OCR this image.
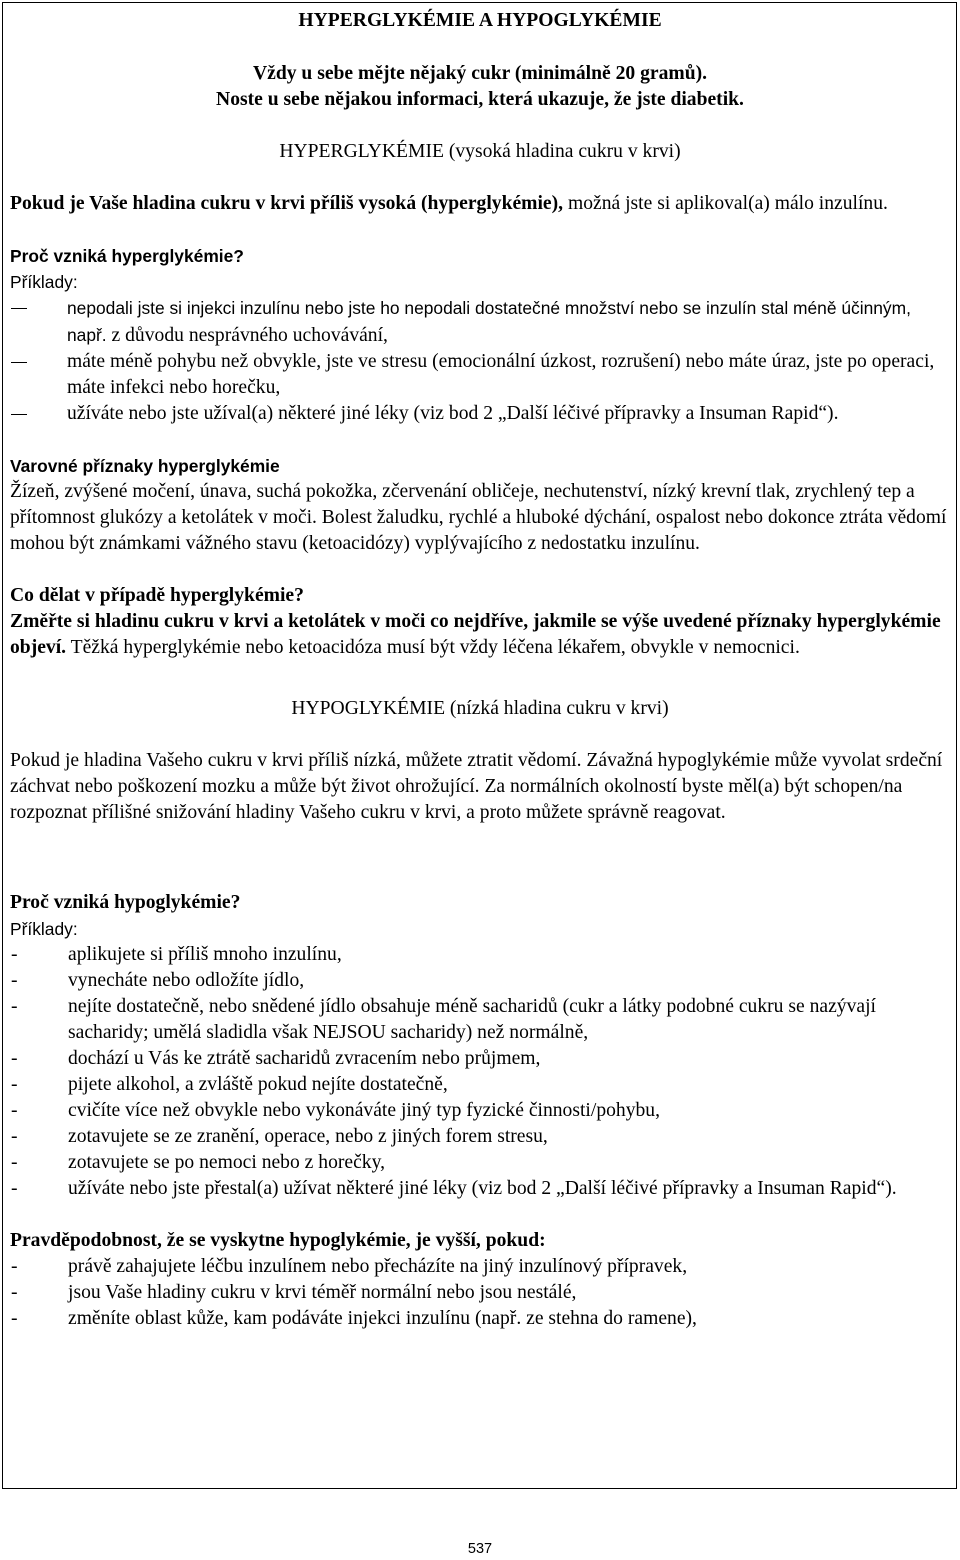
HYPERGLYKÉMIE A HYPOGLYKÉMIE

Vždy u sebe mějte nějaký cukr (minimálně 20 gramů).

Noste u sebe nějakou informaci, která ukazuje, že jste diabetik.

HYPERGLYKÉMIE (vysoká hladina cukru v krvi)

Pokud je Vaše hladina cukru v krvi příliš vysoká (hyperglykémie), možná jste si aplikoval(a) málo inzulínu.

Proč vzniká hyperglykémie?

Příklady:

nepodali jste si injekci inzulínu nebo jste ho nepodali dostatečné množství nebo se inzulín stal méně účinným, např. z důvodu nesprávného uchovávání,
máte méně pohybu než obvykle, jste ve stresu (emocionální úzkost, rozrušení) nebo máte úraz, jste po operaci, máte infekci nebo horečku,
užíváte nebo jste užíval(a) některé jiné léky (viz bod 2 „Další léčivé přípravky a Insuman Rapid“).

Varovné příznaky hyperglykémie

Žízeň, zvýšené močení, únava, suchá pokožka, zčervenání obličeje, nechutenství, nízký krevní tlak, zrychlený tep a přítomnost glukózy a ketolátek v moči. Bolest žaludku, rychlé a hluboké dýchání, ospalost nebo dokonce ztráta vědomí mohou být známkami vážného stavu (ketoacidózy) vyplývajícího z nedostatku inzulínu.

Co dělat v případě hyperglykémie?

Změřte si hladinu cukru v krvi a ketolátek v moči co nejdříve, jakmile se výše uvedené příznaky hyperglykémie objeví. Těžká hyperglykémie nebo ketoacidóza musí být vždy léčena lékařem, obvykle v nemocnici.

HYPOGLYKÉMIE (nízká hladina cukru v krvi)

Pokud je hladina Vašeho cukru v krvi příliš nízká, můžete ztratit vědomí. Závažná hypoglykémie může vyvolat srdeční záchvat nebo poškození mozku a může být život ohrožující. Za normálních okolností byste měl(a) být schopen/na rozpoznat přílišné snižování hladiny Vašeho cukru v krvi, a proto můžete správně reagovat.

Proč vzniká hypoglykémie?

Příklady:

-	aplikujete si příliš mnoho inzulínu,
-	vynecháte nebo odložíte jídlo,
-	nejíte dostatečně, nebo snědené jídlo obsahuje méně sacharidů (cukr a látky podobné cukru se nazývají sacharidy; umělá sladidla však NEJSOU sacharidy) než normálně,
-	dochází u Vás ke ztrátě sacharidů zvracením nebo průjmem,
-	pijete alkohol, a zvláště pokud nejíte dostatečně,
-	cvičíte více než obvykle nebo vykonáváte jiný typ fyzické činnosti/pohybu,
-	zotavujete se ze zranění, operace, nebo z jiných forem stresu,
-	zotavujete se po nemoci nebo z horečky,
-	užíváte nebo jste přestal(a) užívat některé jiné léky (viz bod 2 „Další léčivé přípravky a Insuman Rapid“).

Pravděpodobnost, že se vyskytne hypoglykémie, je vyšší, pokud:

-	právě zahajujete léčbu inzulínem nebo přecházíte na jiný inzulínový přípravek,
-	jsou Vaše hladiny cukru v krvi téměř normální nebo jsou nestálé,
-	změníte oblast kůže, kam podáváte injekci inzulínu (např. ze stehna do ramene),
537
